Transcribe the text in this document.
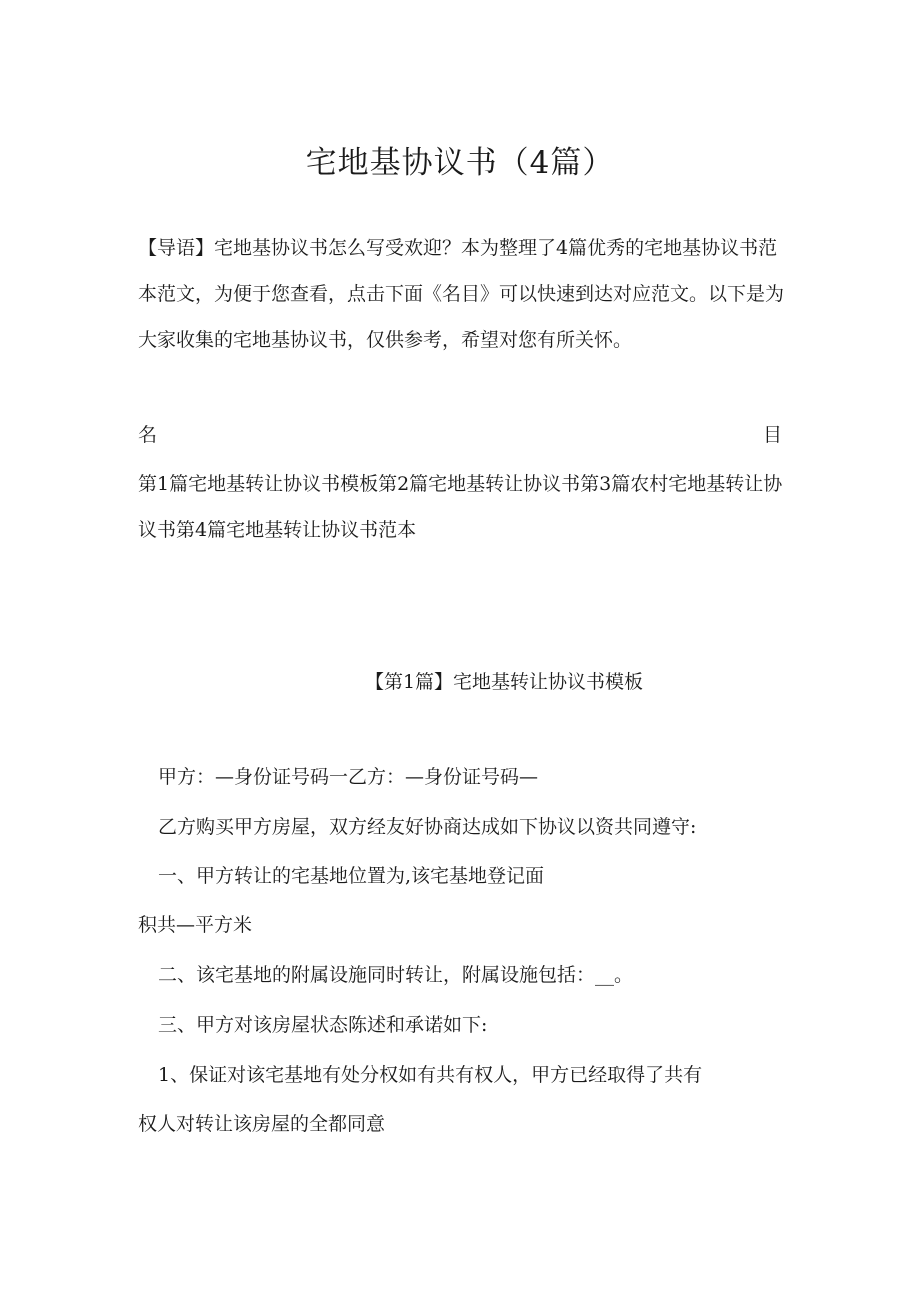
宅地基协议书（4篇）

【导语】宅地基协议书怎么写受欢迎？本为整理了4篇优秀的宅地基协议书范本范文，为便于您查看，点击下面《名目》可以快速到达对应范文。以下是为大家收集的宅地基协议书，仅供参考，希望对您有所关怀。

名	目

第1篇宅地基转让协议书模板第2篇宅地基转让协议书第3篇农村宅地基转让协议书第4篇宅地基转让协议书范本

【第1篇】宅地基转让协议书模板

甲方：—身份证号码一乙方：—身份证号码—

乙方购买甲方房屋，双方经友好协商达成如下协议以资共同遵守:

一、甲方转让的宅基地位置为,该宅基地登记面

积共—平方米

二、该宅基地的附属设施同时转让，附属设施包括：__。

三、甲方对该房屋状态陈述和承诺如下:

1、保证对该宅基地有处分权如有共有权人，甲方已经取得了共有

权人对转让该房屋的全都同意
